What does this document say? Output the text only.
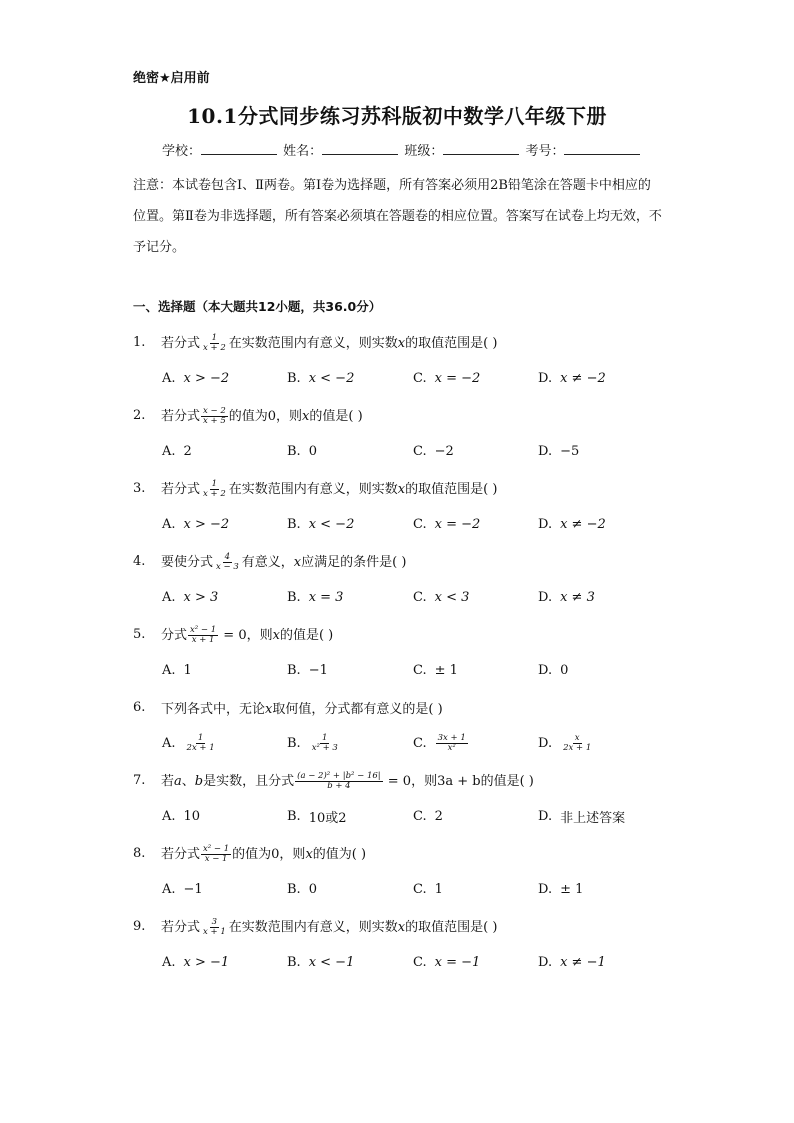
绝密★启用前
10.1分式同步练习苏科版初中数学八年级下册
学校：	姓名：	班级：	考号：
注意：本试卷包含Ⅰ、Ⅱ两卷。第Ⅰ卷为选择题，所有答案必须用2B铅笔涂在答题卡中相应的位置。第Ⅱ卷为非选择题，所有答案必须填在答题卷的相应位置。答案写在试卷上均无效，不予记分。
一、选择题（本大题共12小题，共36.0分）
1.	若分式 $\frac{1}{x + 2}$ 在实数范围内有意义，则实数x的取值范围是( )
A. x > −2	B. x < −2	C. x = −2	D. x ≠ −2
2.	若分式 $\frac{x - 2}{x + 5}$ 的值为0，则x的值是( )
A. 2	B. 0	C. −2	D. −5
3.	若分式 $\frac{1}{x + 2}$ 在实数范围内有意义，则实数x的取值范围是( )
A. x > −2	B. x < −2	C. x = −2	D. x ≠ −2
4.	要使分式 $\frac{4}{x - 3}$ 有意义，x应满足的条件是( )
A. x > 3	B. x = 3	C. x < 3	D. x ≠ 3
5.	分式 $\frac{\text{x² − 1}}{x + 1} = 0$，则x的值是( )
A. 1	B. −1	C. ± 1	D. 0
6.	下列各式中，无论x取何值，分式都有意义的是( )
A. $\frac{1}{2x + 1}$	B. $\frac{1}{\text{x² + 3}}$	C. $\frac{3x + 1}{\text{x²}}$	D. $\frac{x}{2x + 1}$
7.	若a、b是实数，且分式 $\frac{\text{(a − 2)² + |b² − 16|}}{b + 4} = 0$，则3a + b的值是( )
A. 10	B. 10或2	C. 2	D. 非上述答案
8.	若分式 $\frac{\text{x² − 1}}{x - 1}$ 的值为0，则x的值为( )
A. −1	B. 0	C. 1	D. ± 1
9.	若分式 $\frac{3}{x + 1}$ 在实数范围内有意义，则实数x的取值范围是( )
A. x > −1	B. x < −1	C. x = −1	D. x ≠ −1
